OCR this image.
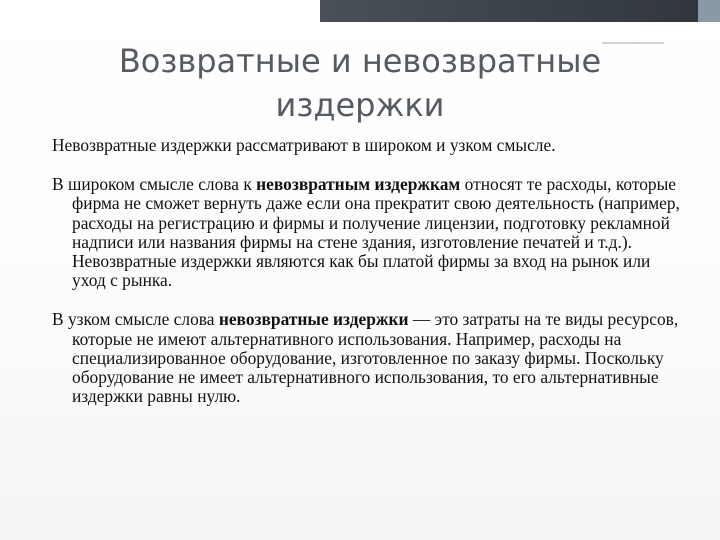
Возвратные и невозвратные издержки

Невозвратные издержки рассматривают в широком и узком смысле.

В широком смысле слова к невозвратным издержкам относят те расходы, которые фирма не сможет вернуть даже если она прекратит свою деятельность (например, расходы на регистрацию и фирмы и получение лицензии, подготовку рекламной надписи или названия фирмы на стене здания, изготовление печатей и т.д.). Невозвратные издержки являются как бы платой фирмы за вход на рынок или уход с рынка.

В узком смысле слова невозвратные издержки — это затраты на те виды ресурсов, которые не имеют альтернативного использования. Например, расходы на специализированное оборудование, изготовленное по заказу фирмы. Поскольку оборудование не имеет альтернативного использования, то его альтернативные издержки равны нулю.
